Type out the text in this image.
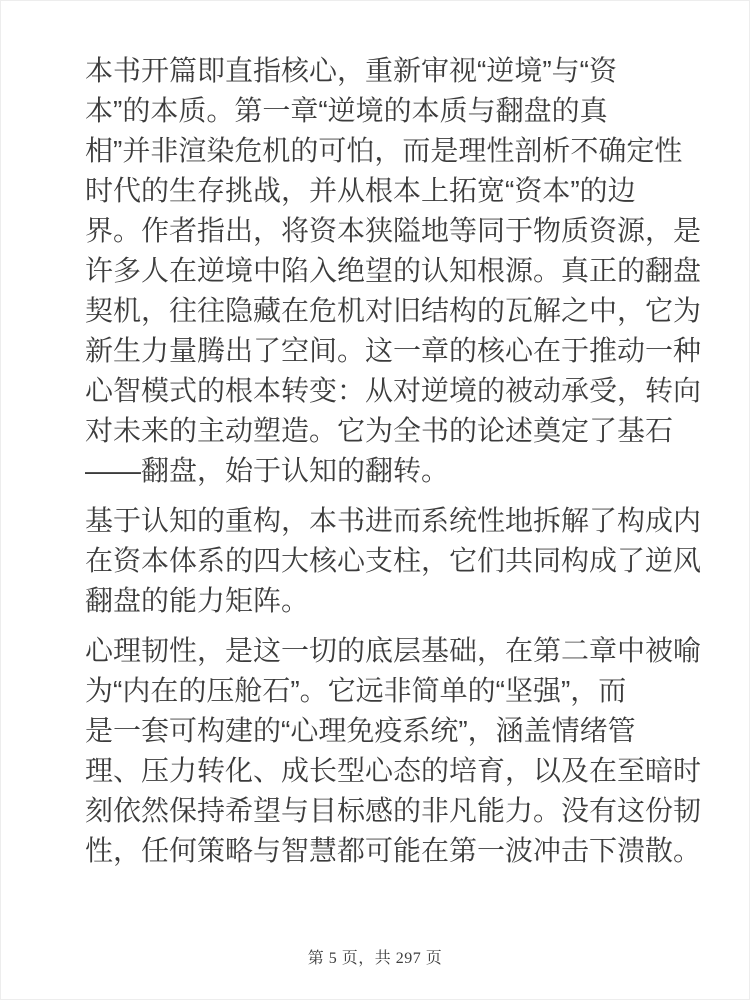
本书开篇即直指核心，重新审视“逆境”与“资
本”的本质。第一章“逆境的本质与翻盘的真
相”并非渲染危机的可怕，而是理性剖析不确定性
时代的生存挑战，并从根本上拓宽“资本”的边
界。作者指出，将资本狭隘地等同于物质资源，是
许多人在逆境中陷入绝望的认知根源。真正的翻盘
契机，往往隐藏在危机对旧结构的瓦解之中，它为
新生力量腾出了空间。这一章的核心在于推动一种
心智模式的根本转变：从对逆境的被动承受，转向
对未来的主动塑造。它为全书的论述奠定了基石
——翻盘，始于认知的翻转。
基于认知的重构，本书进而系统性地拆解了构成内
在资本体系的四大核心支柱，它们共同构成了逆风
翻盘的能力矩阵。
心理韧性，是这一切的底层基础，在第二章中被喻
为“内在的压舱石”。它远非简单的“坚强”，而
是一套可构建的“心理免疫系统”，涵盖情绪管
理、压力转化、成长型心态的培育，以及在至暗时
刻依然保持希望与目标感的非凡能力。没有这份韧
性，任何策略与智慧都可能在第一波冲击下溃散。
第 5 页，共 297 页
